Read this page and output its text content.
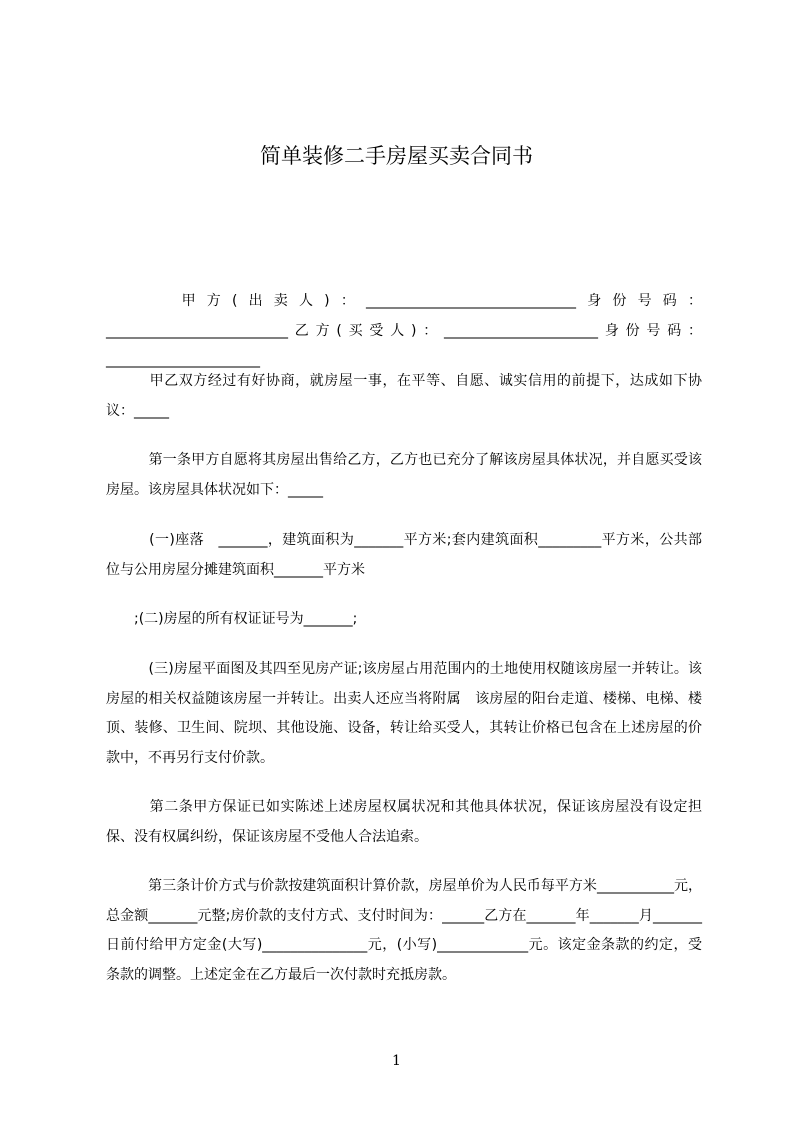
简单装修二手房屋买卖合同书

　　　甲方(出卖人)：______________________________身份号码：__________________________乙方(买受人)：______________________身份号码：______________________

　　　甲乙双方经过有好协商，就房屋一事，在平等、自愿、诚实信用的前提下，达成如下协议：_____

　　　第一条甲方自愿将其房屋出售给乙方，乙方也已充分了解该房屋具体状况，并自愿买受该房屋。该房屋具体状况如下：_____

　　　(一)座落　_______，建筑面积为_______平方米;套内建筑面积_________平方米，公共部位与公用房屋分摊建筑面积_______平方米

　　;(二)房屋的所有权证证号为_______;

　　　(三)房屋平面图及其四至见房产证;该房屋占用范围内的土地使用权随该房屋一并转让。该房屋的相关权益随该房屋一并转让。出卖人还应当将附属　该房屋的阳台走道、楼梯、电梯、楼顶、装修、卫生间、院坝、其他设施、设备，转让给买受人，其转让价格已包含在上述房屋的价款中，不再另行支付价款。

　　　第二条甲方保证已如实陈述上述房屋权属状况和其他具体状况，保证该房屋没有设定担保、没有权属纠纷，保证该房屋不受他人合法追索。

　　　第三条计价方式与价款按建筑面积计算价款，房屋单价为人民币每平方米___________元，总金额_______元整;房价款的支付方式、支付时间为：______乙方在_______年_______月_______日前付给甲方定金(大写)_______________元，(小写)_____________元。该定金条款的约定，受　条款的调整。上述定金在乙方最后一次付款时充抵房款。

1
